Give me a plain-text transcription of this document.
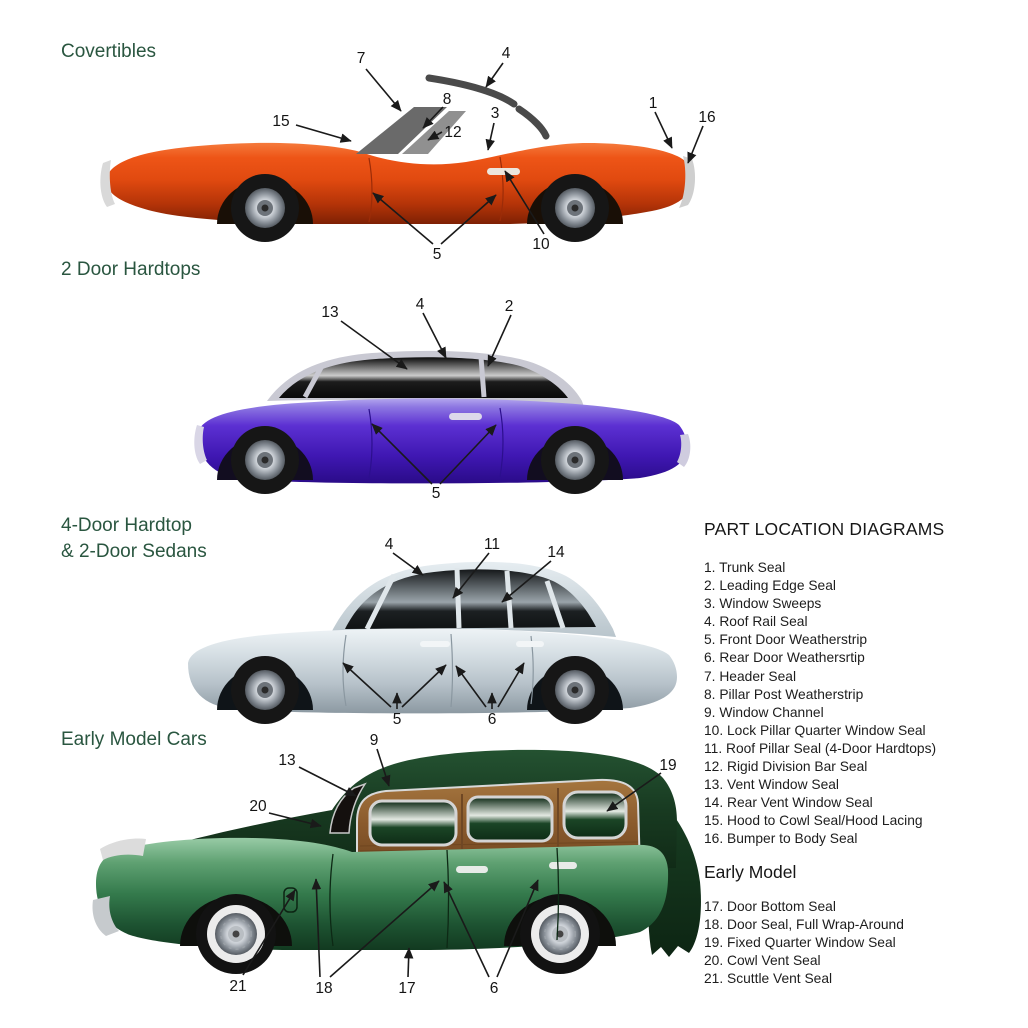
Covertibles
2 Door Hardtops
4-Door Hardtop
& 2-Door Sedans
Early Model Cars
7	4
8
12
3
1
16
15
5
10
13	4	2
5
4	11	14
5	6
9
13	19
20
21	18	17	6
PART LOCATION DIAGRAMS
1. Trunk Seal
2. Leading Edge Seal
3. Window Sweeps
4. Roof Rail Seal
5. Front Door Weatherstrip
6. Rear Door Weathersrtip
7. Header Seal
8. Pillar Post Weatherstrip
9. Window Channel
10. Lock Pillar Quarter Window Seal
11. Roof Pillar Seal (4-Door Hardtops)
12. Rigid Division Bar Seal
13. Vent Window Seal
14. Rear Vent Window Seal
15. Hood to Cowl Seal/Hood Lacing
16. Bumper to Body Seal
Early Model
17. Door Bottom Seal
18. Door Seal, Full Wrap-Around
19. Fixed Quarter Window Seal
20. Cowl Vent Seal
21. Scuttle Vent Seal
